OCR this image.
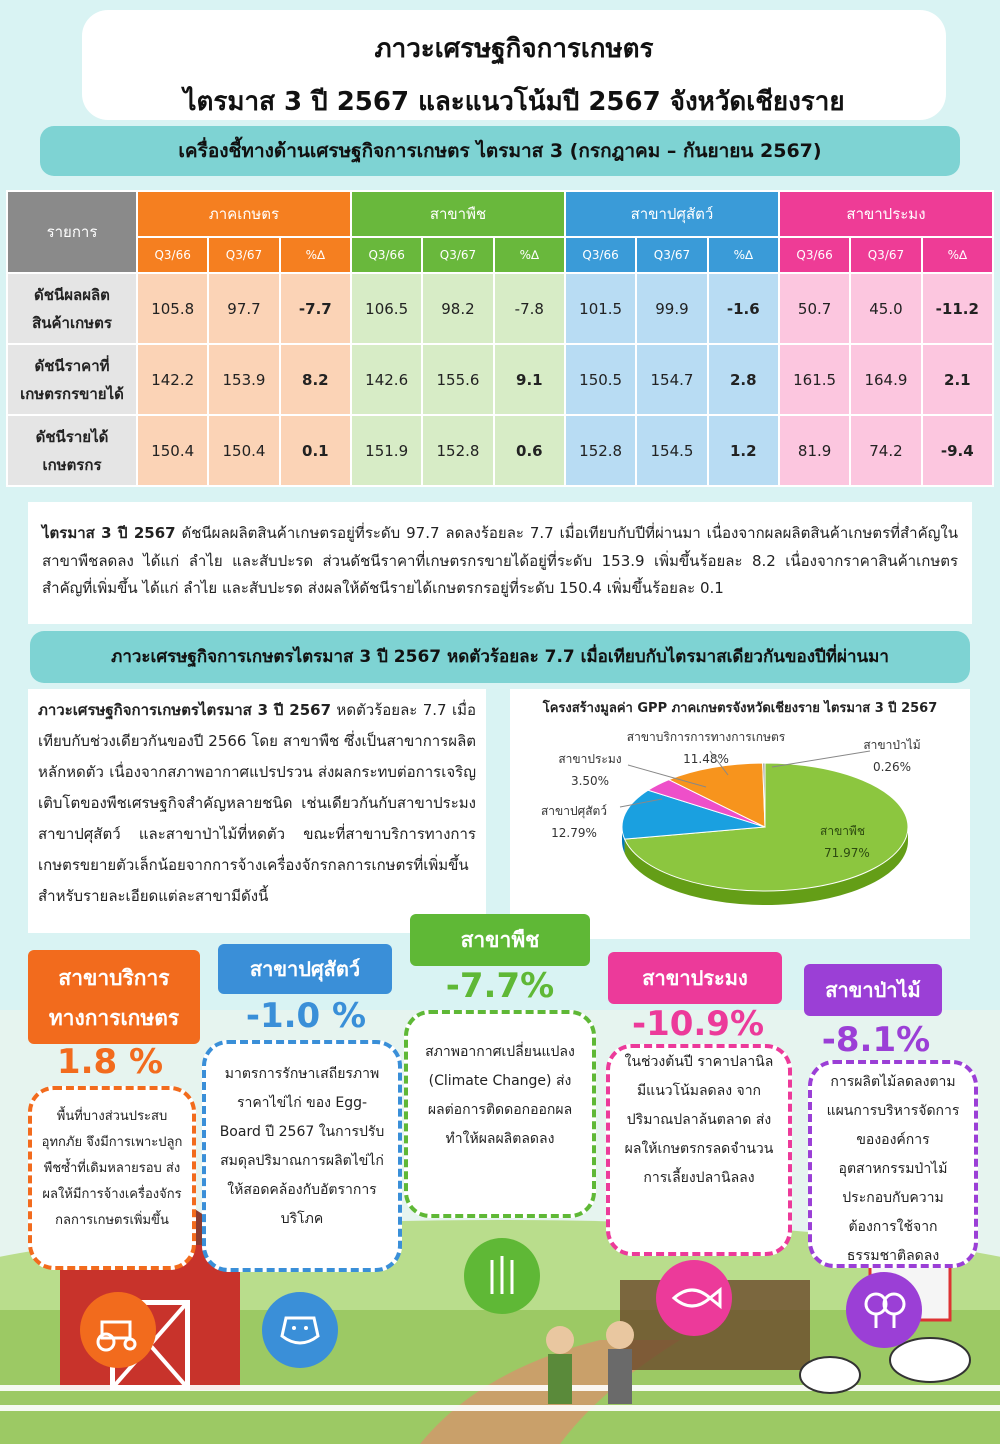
ภาวะเศรษฐกิจการเกษตร
ไตรมาส 3 ปี 2567 และแนวโน้มปี 2567 จังหวัดเชียงราย
เครื่องชี้ทางด้านเศรษฐกิจการเกษตร ไตรมาส 3 (กรกฎาคม – กันยายน 2567)
รายการ	ภาคเกษตร			สาขาพืช			สาขาปศุสัตว์			สาขาประมง		
	Q3/66	Q3/67	%∆	Q3/66	Q3/67	%∆	Q3/66	Q3/67	%∆	Q3/66	Q3/67	%∆
ดัชนีผลผลิต
สินค้าเกษตร	105.8	97.7	-7.7	106.5	98.2	-7.8	101.5	99.9	-1.6	50.7	45.0	-11.2
ดัชนีราคาที่
เกษตรกรขายได้	142.2	153.9	8.2	142.6	155.6	9.1	150.5	154.7	2.8	161.5	164.9	2.1
ดัชนีรายได้
เกษตรกร	150.4	150.4	0.1	151.9	152.8	0.6	152.8	154.5	1.2	81.9	74.2	-9.4
ไตรมาส 3 ปี 2567 ดัชนีผลผลิตสินค้าเกษตรอยู่ที่ระดับ 97.7 ลดลงร้อยละ 7.7 เมื่อเทียบกับปีที่ผ่านมา เนื่องจากผลผลิตสินค้าเกษตรที่สำคัญในสาขาพืชลดลง ได้แก่ ลำไย และสับปะรด ส่วนดัชนีราคาที่เกษตรกรขายได้อยู่ที่ระดับ 153.9 เพิ่มขึ้นร้อยละ 8.2 เนื่องจากราคาสินค้าเกษตรสำคัญที่เพิ่มขึ้น ได้แก่ ลำไย และสับปะรด ส่งผลให้ดัชนีรายได้เกษตรกรอยู่ที่ระดับ 150.4 เพิ่มขึ้นร้อยละ 0.1
ภาวะเศรษฐกิจการเกษตรไตรมาส 3 ปี 2567 หดตัวร้อยละ 7.7 เมื่อเทียบกับไตรมาสเดียวกันของปีที่ผ่านมา
ภาวะเศรษฐกิจการเกษตรไตรมาส 3 ปี 2567 หดตัวร้อยละ 7.7 เมื่อเทียบกับช่วงเดียวกันของปี 2566 โดย สาขาพืช ซึ่งเป็นสาขาการผลิตหลักหดตัว เนื่องจากสภาพอากาศแปรปรวน ส่งผลกระทบต่อการเจริญเติบโตของพืชเศรษฐกิจสำคัญหลายชนิด เช่นเดียวกันกับสาขาประมง สาขาปศุสัตว์ และสาขาป่าไม้ที่หดตัว ขณะที่สาขาบริการทางการเกษตรขยายตัวเล็กน้อยจากการจ้างเครื่องจักรกลการเกษตรที่เพิ่มขึ้น สำหรับรายละเอียดแต่ละสาขามีดังนี้
โครงสร้างมูลค่า GPP ภาคเกษตรจังหวัดเชียงราย ไตรมาส 3 ปี 2567
สาขาพืช
71.97%
สาขาปศุสัตว์
12.79%
สาขาประมง
3.50%
สาขาบริการการทางการเกษตร
11.48%
สาขาป่าไม้
0.26%
สาขาบริการ
ทางการเกษตร
1.8 %
พื้นที่บางส่วนประสบอุทกภัย จึงมีการเพาะปลูกพืชซ้ำที่เดิมหลายรอบ ส่งผลให้มีการจ้างเครื่องจักรกลการเกษตรเพิ่มขึ้น
สาขาปศุสัตว์
-1.0 %
มาตรการรักษาเสถียรภาพราคาไข่ไก่ ของ Egg-Board ปี 2567 ในการปรับสมดุลปริมาณการผลิตไข่ไก่ให้สอดคล้องกับอัตราการบริโภค
สาขาพืช
-7.7%
สภาพอากาศเปลี่ยนแปลง (Climate Change) ส่งผลต่อการติดดอกออกผล ทำให้ผลผลิตลดลง
สาขาประมง
-10.9%
ในช่วงต้นปี ราคาปลานิลมีแนวโน้มลดลง จากปริมาณปลาล้นตลาด ส่งผลให้เกษตรกรลดจำนวนการเลี้ยงปลานิลลง
สาขาป่าไม้
-8.1%
การผลิตไม้ลดลงตามแผนการบริหารจัดการขององค์การอุตสาหกรรมป่าไม้ประกอบกับความต้องการใช้จากธรรมชาติลดลง
